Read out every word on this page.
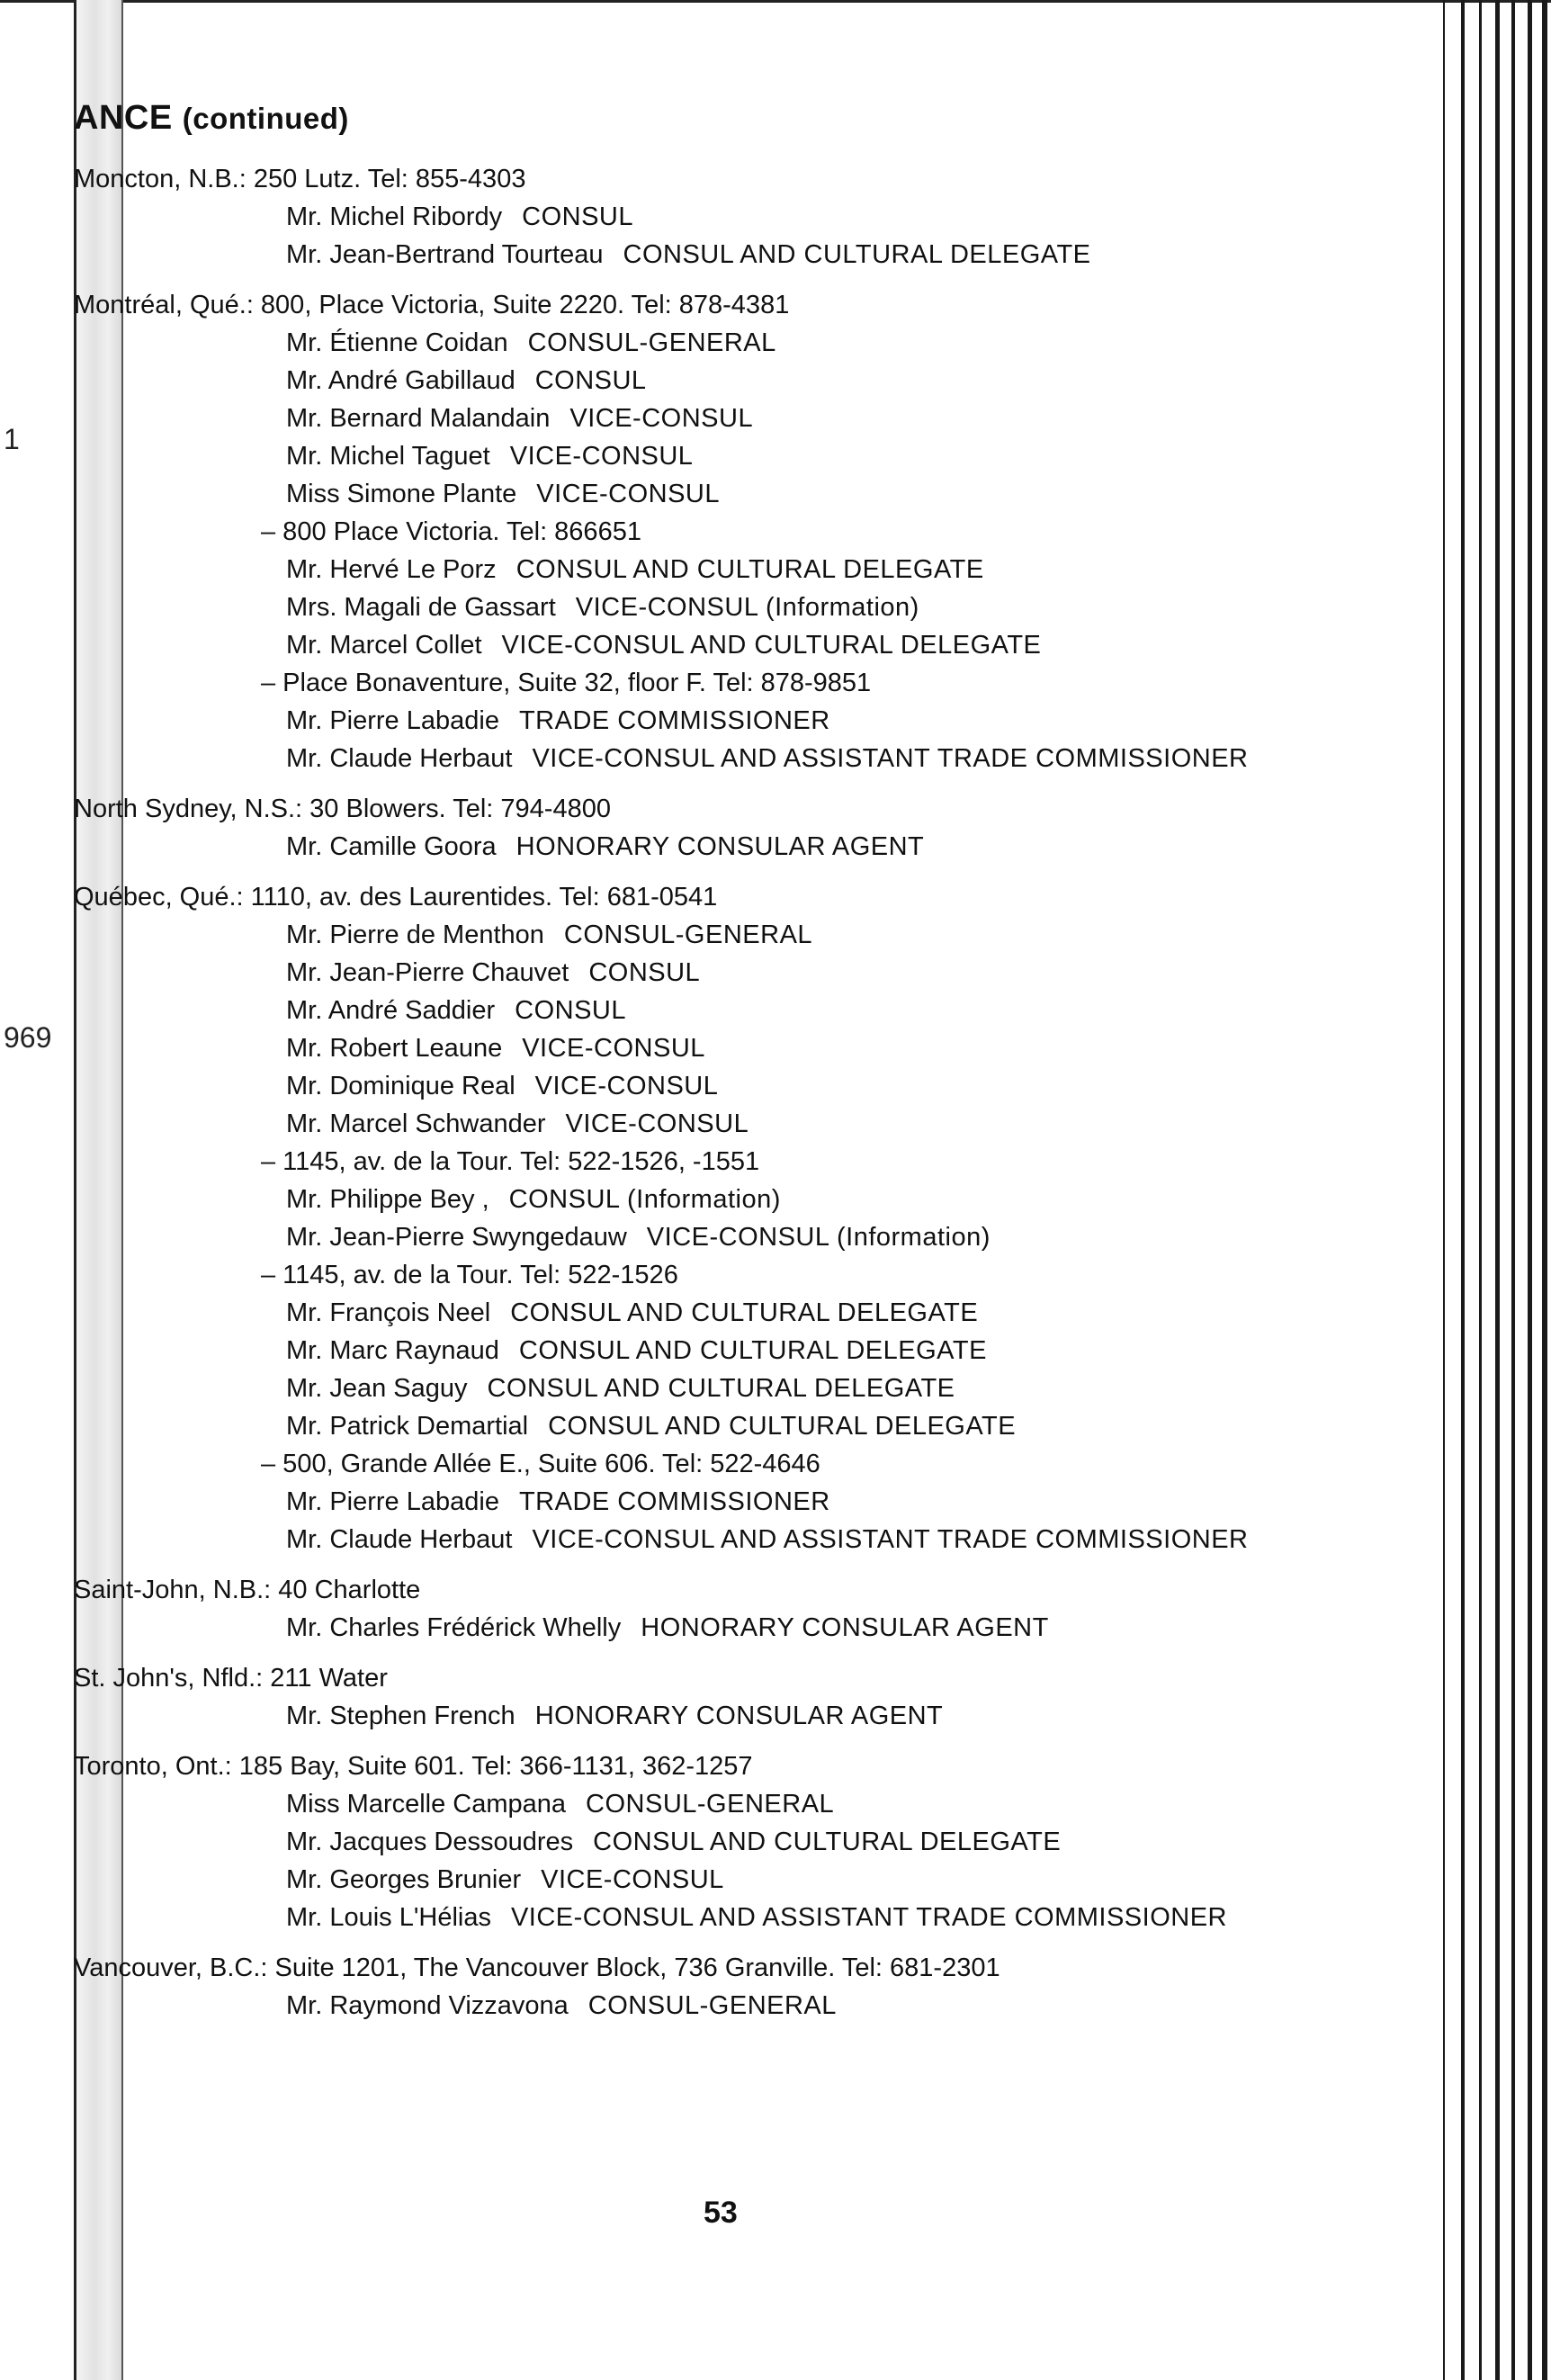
1
969
ANCE (continued)
Moncton, N.B.: 250 Lutz. Tel: 855-4303
Mr. Michel Ribordy CONSUL
Mr. Jean-Bertrand Tourteau CONSUL AND CULTURAL DELEGATE
Montréal, Qué.: 800, Place Victoria, Suite 2220. Tel: 878-4381
Mr. Étienne Coidan CONSUL-GENERAL
Mr. André Gabillaud CONSUL
Mr. Bernard Malandain VICE-CONSUL
Mr. Michel Taguet VICE-CONSUL
Miss Simone Plante VICE-CONSUL
– 800 Place Victoria. Tel: 866651
Mr. Hervé Le Porz CONSUL AND CULTURAL DELEGATE
Mrs. Magali de Gassart VICE-CONSUL (Information)
Mr. Marcel Collet VICE-CONSUL AND CULTURAL DELEGATE
– Place Bonaventure, Suite 32, floor F. Tel: 878-9851
Mr. Pierre Labadie TRADE COMMISSIONER
Mr. Claude Herbaut VICE-CONSUL AND ASSISTANT TRADE COMMISSIONER
North Sydney, N.S.: 30 Blowers. Tel: 794-4800
Mr. Camille Goora HONORARY CONSULAR AGENT
Québec, Qué.: 1110, av. des Laurentides. Tel: 681-0541
Mr. Pierre de Menthon CONSUL-GENERAL
Mr. Jean-Pierre Chauvet CONSUL
Mr. André Saddier CONSUL
Mr. Robert Leaune VICE-CONSUL
Mr. Dominique Real VICE-CONSUL
Mr. Marcel Schwander VICE-CONSUL
– 1145, av. de la Tour. Tel: 522-1526, -1551
Mr. Philippe Bey , CONSUL (Information)
Mr. Jean-Pierre Swyngedauw VICE-CONSUL (Information)
– 1145, av. de la Tour. Tel: 522-1526
Mr. François Neel CONSUL AND CULTURAL DELEGATE
Mr. Marc Raynaud CONSUL AND CULTURAL DELEGATE
Mr. Jean Saguy CONSUL AND CULTURAL DELEGATE
Mr. Patrick Demartial CONSUL AND CULTURAL DELEGATE
– 500, Grande Allée E., Suite 606. Tel: 522-4646
Mr. Pierre Labadie TRADE COMMISSIONER
Mr. Claude Herbaut VICE-CONSUL AND ASSISTANT TRADE COMMISSIONER
Saint-John, N.B.: 40 Charlotte
Mr. Charles Frédérick Whelly HONORARY CONSULAR AGENT
St. John's, Nfld.: 211 Water
Mr. Stephen French HONORARY CONSULAR AGENT
Toronto, Ont.: 185 Bay, Suite 601. Tel: 366-1131, 362-1257
Miss Marcelle Campana CONSUL-GENERAL
Mr. Jacques Dessoudres CONSUL AND CULTURAL DELEGATE
Mr. Georges Brunier VICE-CONSUL
Mr. Louis L'Hélias VICE-CONSUL AND ASSISTANT TRADE COMMISSIONER
Vancouver, B.C.: Suite 1201, The Vancouver Block, 736 Granville. Tel: 681-2301
Mr. Raymond Vizzavona CONSUL-GENERAL
53
